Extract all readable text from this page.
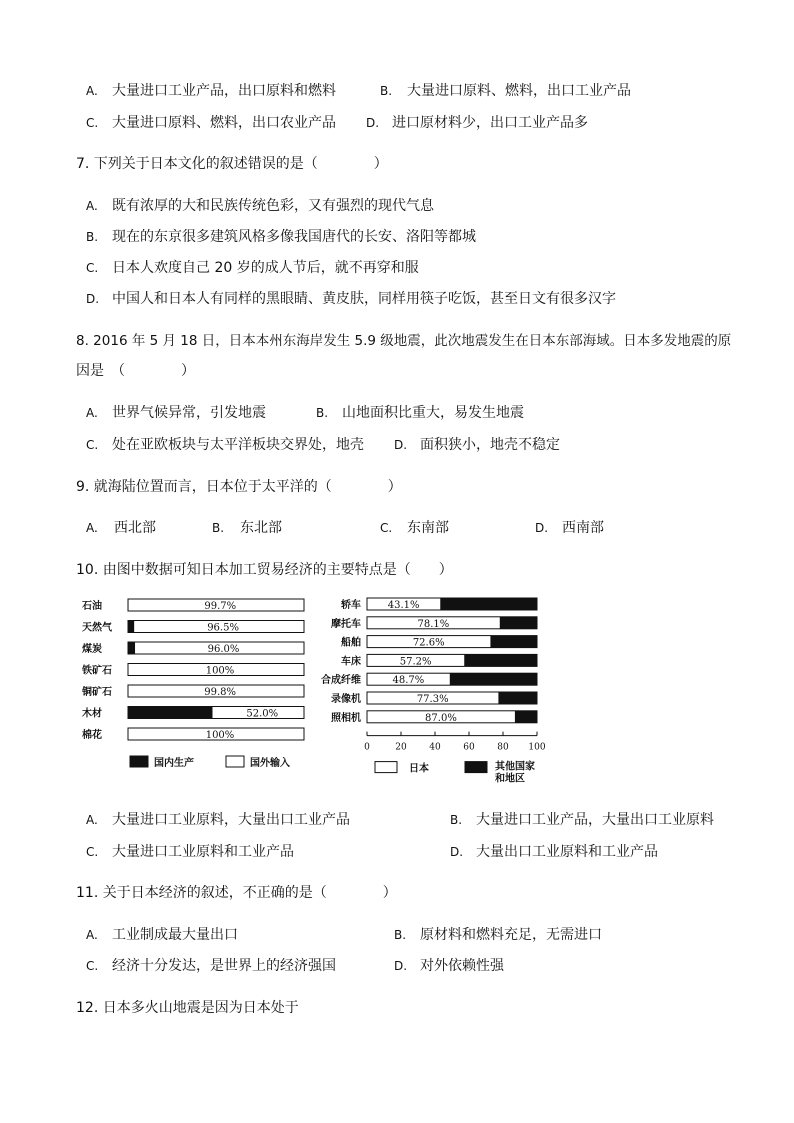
A. 大量进口工业产品，出口原料和燃料	B. 大量进口原料、燃料，出口工业产品
C. 大量进口原料、燃料，出口农业产品	D. 进口原材料少，出口工业产品多
7. 下列关于日本文化的叙述错误的是（　　　　）
A. 既有浓厚的大和民族传统色彩，又有强烈的现代气息
B. 现在的东京很多建筑风格多像我国唐代的长安、洛阳等都城
C. 日本人欢度自己 20 岁的成人节后，就不再穿和服
D. 中国人和日本人有同样的黑眼睛、黄皮肤，同样用筷子吃饭，甚至日文有很多汉字
8. 2016 年 5 月 18 日，日本本州东海岸发生 5.9 级地震，此次地震发生在日本东部海域。日本多发地震的原
因是　（　　　　）
A. 世界气候异常，引发地震	B. 山地面积比重大，易发生地震
C. 处在亚欧板块与太平洋板块交界处，地壳	D. 面积狭小，地壳不稳定
9. 就海陆位置而言，日本位于太平洋的（　　　　）
A. 西北部	B. 东北部	C. 东南部	D. 西南部
10. 由图中数据可知日本加工贸易经济的主要特点是（　　）
石油	99.7%
天然气	96.5%
煤炭	96.0%
铁矿石	100%
铜矿石	99.8%
木材	52.0%
棉花	100%
国内生产	国外输入
轿车	43.1%
摩托车	78.1%
船舶	72.6%
车床	57.2%
合成纤维	48.7%
录像机	77.3%
照相机	87.0%
0	20	40	60	80 100
日本	其他国家和地区
A. 大量进口工业原料，大量出口工业产品	B. 大量进口工业产品，大量出口工业原料
C. 大量进口工业原料和工业产品	D. 大量出口工业原料和工业产品
11. 关于日本经济的叙述，不正确的是（　　　　）
A. 工业制成最大量出口	B. 原材料和燃料充足，无需进口
C. 经济十分发达，是世界上的经济强国	D. 对外依赖性强
12. 日本多火山地震是因为日本处于
